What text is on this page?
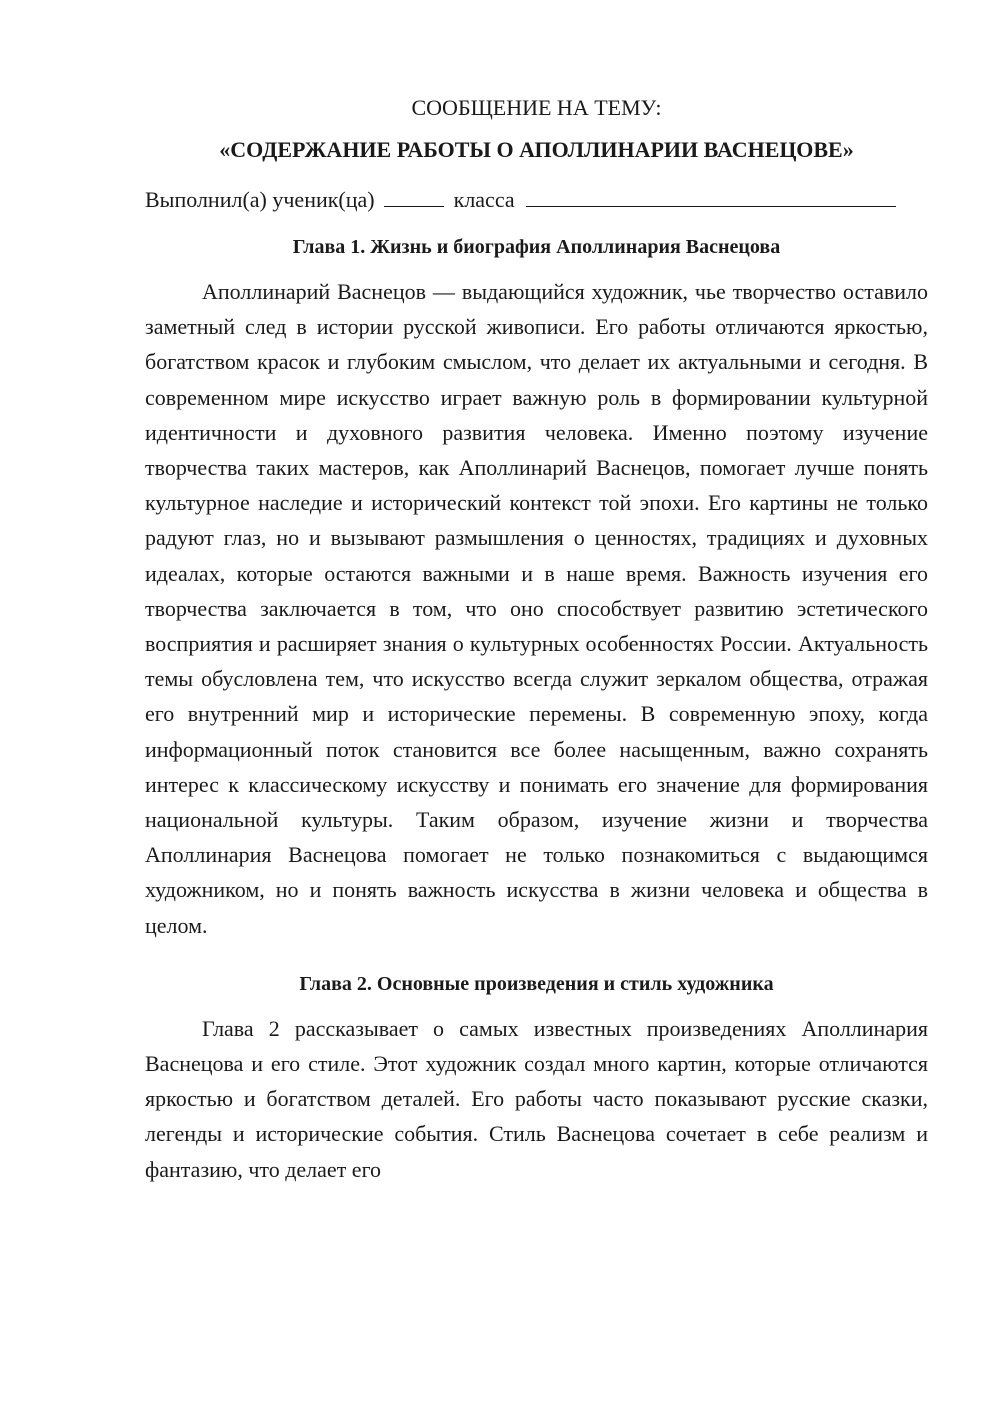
СООБЩЕНИЕ НА ТЕМУ:
«СОДЕРЖАНИЕ РАБОТЫ О АПОЛЛИНАРИИ ВАСНЕЦОВЕ»
Выполнил(а) ученик(ца)	класса
Глава 1. Жизнь и биография Аполлинария Васнецова

Аполлинарий Васнецов — выдающийся художник, чье творчество оставило заметный след в истории русской живописи. Его работы отличаются яркостью, богатством красок и глубоким смыслом, что делает их актуальными и сегодня. В современном мире искусство играет важную роль в формировании культурной идентичности и духовного развития человека. Именно поэтому изучение творчества таких мастеров, как Аполлинарий Васнецов, помогает лучше понять культурное наследие и исторический контекст той эпохи. Его картины не только радуют глаз, но и вызывают размышления о ценностях, традициях и духовных идеалах, которые остаются важными и в наше время. Важность изучения его творчества заключается в том, что оно способствует развитию эстетического восприятия и расширяет знания о культурных особенностях России. Актуальность темы обусловлена тем, что искусство всегда служит зеркалом общества, отражая его внутренний мир и исторические перемены. В современную эпоху, когда информационный поток становится все более насыщенным, важно сохранять интерес к классическому искусству и понимать его значение для формирования национальной культуры. Таким образом, изучение жизни и творчества Аполлинария Васнецова помогает не только познакомиться с выдающимся художником, но и понять важность искусства в жизни человека и общества в целом.

Глава 2. Основные произведения и стиль художника

Глава 2 рассказывает о самых известных произведениях Аполлинария Васнецова и его стиле. Этот художник создал много картин, которые отличаются яркостью и богатством деталей. Его работы часто показывают русские сказки, легенды и исторические события. Стиль Васнецова сочетает в себе реализм и фантазию, что делает его
